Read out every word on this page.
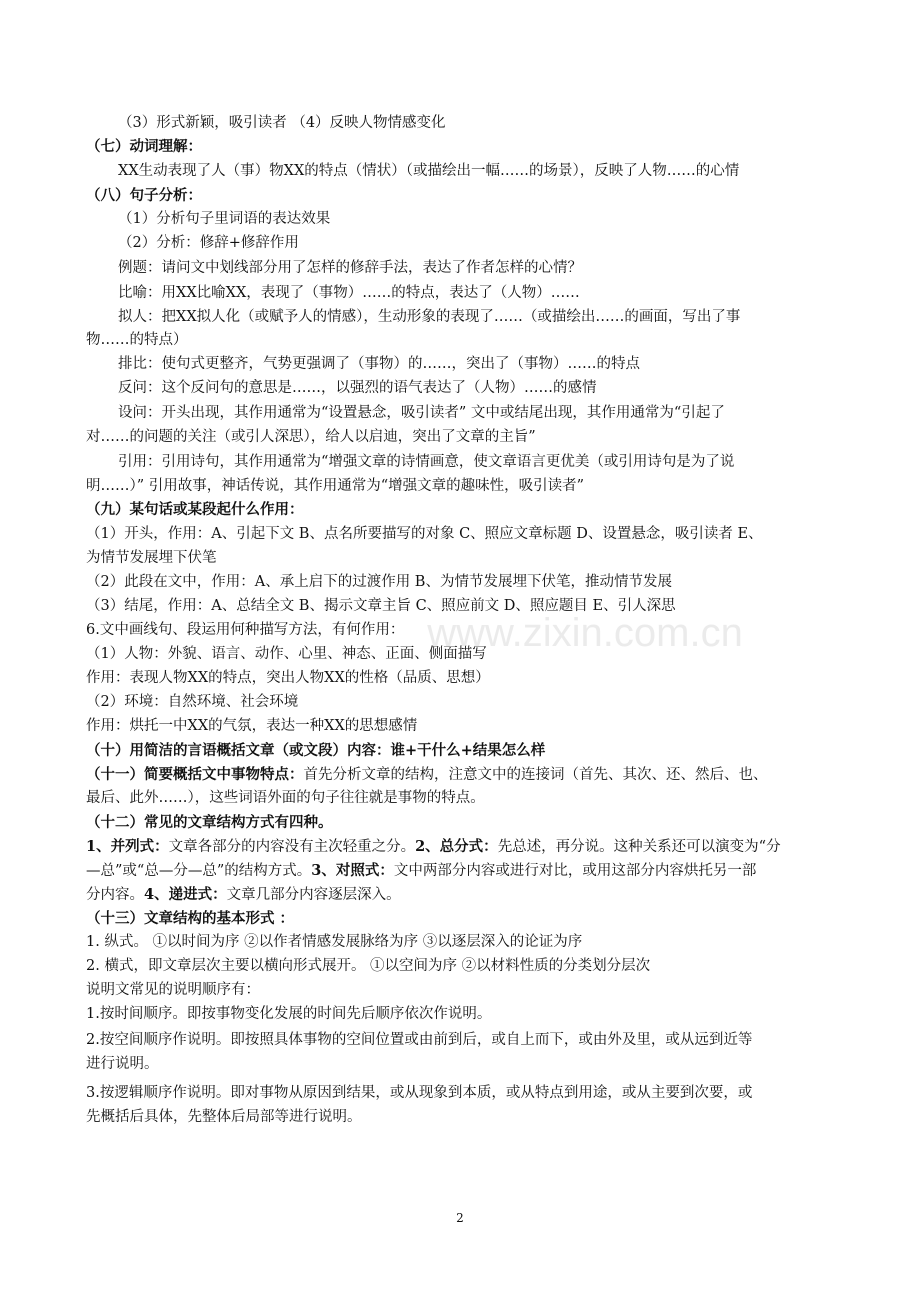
（3）形式新颖，吸引读者 （4）反映人物情感变化
（七）动词理解：
XX生动表现了人（事）物XX的特点（情状）（或描绘出一幅……的场景），反映了人物……的心情
（八）句子分析：
（1）分析句子里词语的表达效果
（2）分析：修辞+修辞作用
例题：请问文中划线部分用了怎样的修辞手法，表达了作者怎样的心情？
比喻：用XX比喻XX，表现了（事物）……的特点，表达了（人物）……
拟人：把XX拟人化（或赋予人的情感），生动形象的表现了……（或描绘出……的画面，写出了事
物……的特点）
排比：使句式更整齐，气势更强调了（事物）的……，突出了（事物）……的特点
反问：这个反问句的意思是……，以强烈的语气表达了（人物）……的感情
设问：开头出现，其作用通常为“设置悬念，吸引读者” 文中或结尾出现，其作用通常为“引起了
对……的问题的关注（或引人深思），给人以启迪，突出了文章的主旨”
引用：引用诗句，其作用通常为“增强文章的诗情画意，使文章语言更优美（或引用诗句是为了说
明……）” 引用故事，神话传说，其作用通常为“增强文章的趣味性，吸引读者”
（九）某句话或某段起什么作用：
（1）开头，作用：A、引起下文 B、点名所要描写的对象 C、照应文章标题 D、设置悬念，吸引读者 E、
为情节发展埋下伏笔
（2）此段在文中，作用：A、承上启下的过渡作用 B、为情节发展埋下伏笔，推动情节发展
（3）结尾，作用：A、总结全文 B、揭示文章主旨 C、照应前文 D、照应题目 E、引人深思
6.文中画线句、段运用何种描写方法，有何作用：
（1）人物：外貌、语言、动作、心里、神态、正面、侧面描写
作用：表现人物XX的特点，突出人物XX的性格（品质、思想）
（2）环境：自然环境、社会环境
作用：烘托一中XX的气氛，表达一种XX的思想感情
（十）用简洁的言语概括文章（或文段）内容：谁+干什么+结果怎么样
（十一）简要概括文中事物特点：首先分析文章的结构，注意文中的连接词（首先、其次、还、然后、也、
最后、此外……），这些词语外面的句子往往就是事物的特点。
（十二）常见的文章结构方式有四种。
1、并列式：文章各部分的内容没有主次轻重之分。2、总分式：先总述，再分说。这种关系还可以演变为“分
—总”或“总—分—总”的结构方式。3、对照式：文中两部分内容或进行对比，或用这部分内容烘托另一部
分内容。4、递进式：文章几部分内容逐层深入。
（十三）文章结构的基本形式 ：
1. 纵式。 ①以时间为序 ②以作者情感发展脉络为序 ③以逐层深入的论证为序
2. 横式，即文章层次主要以横向形式展开。 ①以空间为序 ②以材料性质的分类划分层次
说明文常见的说明顺序有：
1.按时间顺序。即按事物变化发展的时间先后顺序依次作说明。
2.按空间顺序作说明。即按照具体事物的空间位置或由前到后，或自上而下，或由外及里，或从远到近等
进行说明。
3.按逻辑顺序作说明。即对事物从原因到结果，或从现象到本质，或从特点到用途，或从主要到次要，或
先概括后具体，先整体后局部等进行说明。
www.zixin.com.cn
2
